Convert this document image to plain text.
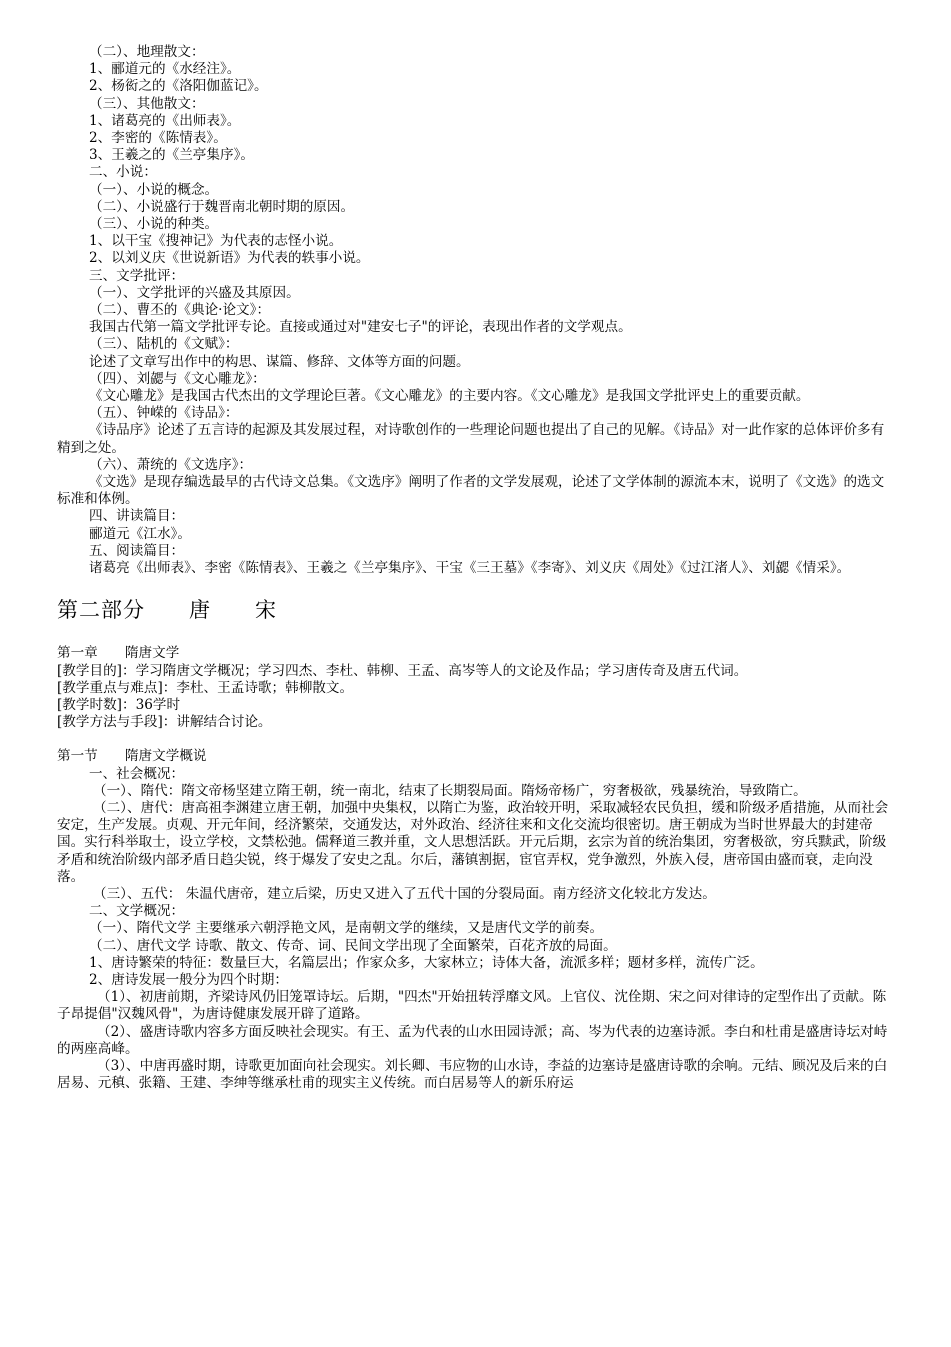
（二）、地理散文：

1、郦道元的《水经注》。

2、杨衒之的《洛阳伽蓝记》。

（三）、其他散文：

1、诸葛亮的《出师表》。

2、李密的《陈情表》。

3、王羲之的《兰亭集序》。

二、小说：

（一）、小说的概念。

（二）、小说盛行于魏晋南北朝时期的原因。

（三）、小说的种类。

1、以干宝《搜神记》为代表的志怪小说。

2、以刘义庆《世说新语》为代表的轶事小说。

三、文学批评：

（一）、文学批评的兴盛及其原因。

（二）、曹丕的《典论·论文》：

我国古代第一篇文学批评专论。直接或通过对"建安七子"的评论，表现出作者的文学观点。

（三）、陆机的《文赋》：

论述了文章写出作中的构思、谋篇、修辞、文体等方面的问题。

（四）、刘勰与《文心雕龙》：

《文心雕龙》是我国古代杰出的文学理论巨著。《文心雕龙》的主要内容。《文心雕龙》是我国文学批评史上的重要贡献。

（五）、钟嵘的《诗品》：

《诗品序》论述了五言诗的起源及其发展过程，对诗歌创作的一些理论问题也提出了自己的见解。《诗品》对一此作家的总体评价多有精到之处。

（六）、萧统的《文选序》：

《文选》是现存编选最早的古代诗文总集。《文选序》阐明了作者的文学发展观，论述了文学体制的源流本末，说明了《文选》的选文标准和体例。

四、讲读篇目：

郦道元《江水》。

五、阅读篇目：

诸葛亮《出师表》、李密《陈情表》、王羲之《兰亭集序》、干宝《三王墓》《李寄》、刘义庆《周处》《过江渚人》、刘勰《情采》。

第二部分　　唐　　宋

第一章　　隋唐文学

[教学目的]：学习隋唐文学概况；学习四杰、李杜、韩柳、王孟、高岑等人的文论及作品；学习唐传奇及唐五代词。

[教学重点与难点]：李杜、王孟诗歌；韩柳散文。

[教学时数]：36学时

[教学方法与手段]：讲解结合讨论。

第一节　　隋唐文学概说

一、社会概况：

（一）、隋代：隋文帝杨坚建立隋王朝，统一南北，结束了长期裂局面。隋炀帝杨广，穷奢极欲，残暴统治，导致隋亡。

（二）、唐代：唐高祖李渊建立唐王朝，加强中央集权，以隋亡为鉴，政治较开明，采取减轻农民负担，缓和阶级矛盾措施，从而社会安定，生产发展。贞观、开元年间，经济繁荣，交通发达，对外政治、经济往来和文化交流均很密切。唐王朝成为当时世界最大的封建帝国。实行科举取士，设立学校，文禁松弛。儒释道三教并重，文人思想活跃。开元后期，玄宗为首的统治集团，穷奢极欲，穷兵黩武，阶级矛盾和统治阶级内部矛盾日趋尖锐，终于爆发了安史之乱。尔后，藩镇割据，宦官弄权，党争激烈，外族入侵，唐帝国由盛而衰，走向没落。

（三）、五代： 朱温代唐帝，建立后梁，历史又进入了五代十国的分裂局面。南方经济文化较北方发达。

二、文学概况：

（一）、隋代文学 主要继承六朝浮艳文风，是南朝文学的继续，又是唐代文学的前奏。

（二）、唐代文学 诗歌、散文、传奇、词、民间文学出现了全面繁荣，百花齐放的局面。

1、唐诗繁荣的特征：数量巨大，名篇层出；作家众多，大家林立；诗体大备，流派多样；题材多样，流传广泛。

2、唐诗发展一般分为四个时期：

（1）、初唐前期，齐梁诗风仍旧笼罩诗坛。后期，"四杰"开始扭转浮靡文风。上官仪、沈佺期、宋之问对律诗的定型作出了贡献。陈子昂提倡"汉魏风骨"，为唐诗健康发展开辟了道路。

（2）、盛唐诗歌内容多方面反映社会现实。有王、孟为代表的山水田园诗派；高、岑为代表的边塞诗派。李白和杜甫是盛唐诗坛对峙的两座高峰。

（3）、中唐再盛时期，诗歌更加面向社会现实。刘长卿、韦应物的山水诗，李益的边塞诗是盛唐诗歌的余响。元结、顾况及后来的白居易、元稹、张籍、王建、李绅等继承杜甫的现实主义传统。而白居易等人的新乐府运
